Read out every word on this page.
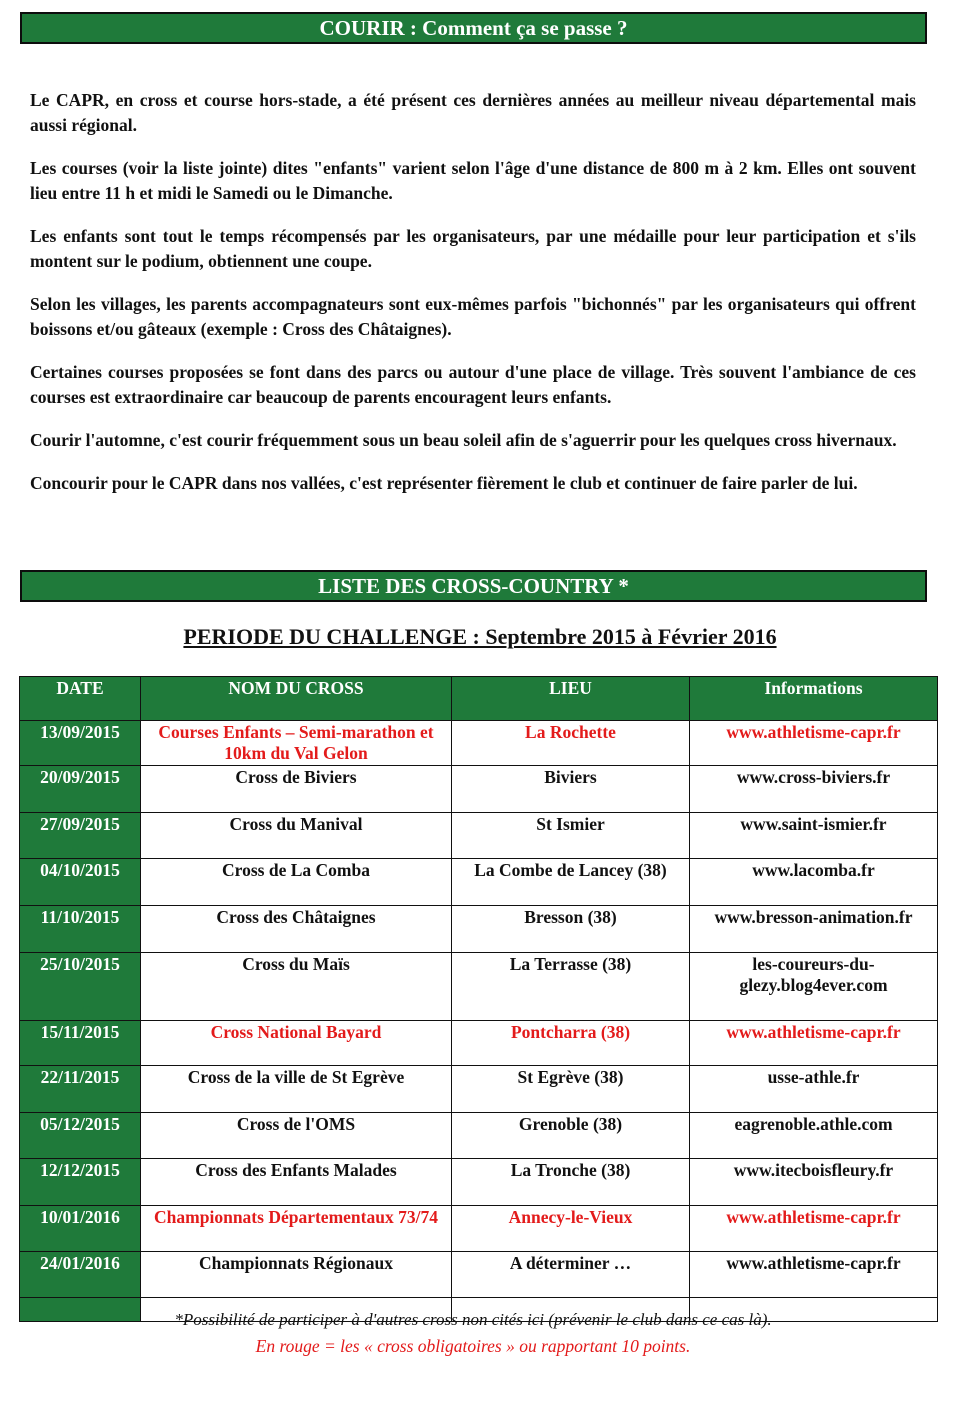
COURIR : Comment ça se passe ?

Le CAPR, en cross et course hors-stade, a été présent ces dernières années au meilleur niveau départemental mais aussi régional.

Les courses (voir la liste jointe) dites "enfants" varient selon l'âge d'une distance de 800 m à 2 km. Elles ont souvent lieu entre 11 h et midi le Samedi ou le Dimanche.

Les enfants sont tout le temps récompensés par les organisateurs, par une médaille pour leur participation et s'ils montent sur le podium, obtiennent une coupe.

Selon les villages, les parents accompagnateurs sont eux-mêmes parfois "bichonnés" par les organisateurs qui offrent boissons et/ou gâteaux (exemple : Cross des Châtaignes).

Certaines courses proposées se font dans des parcs ou autour d'une place de village. Très souvent l'ambiance de ces courses est extraordinaire car beaucoup de parents encouragent leurs enfants.

Courir l'automne, c'est courir fréquemment sous un beau soleil afin de s'aguerrir pour les quelques cross hivernaux.

Concourir pour le CAPR dans nos vallées, c'est représenter fièrement le club et continuer de faire parler de lui.

LISTE DES CROSS-COUNTRY *
PERIODE DU CHALLENGE : Septembre 2015 à Février 2016
DATE	NOM DU CROSS	LIEU	Informations
13/09/2015	Courses Enfants – Semi-marathon et 10km du Val Gelon	La Rochette	www.athletisme-capr.fr
20/09/2015	Cross de Biviers	Biviers	www.cross-biviers.fr
27/09/2015	Cross du Manival	St Ismier	www.saint-ismier.fr
04/10/2015	Cross de La Comba	La Combe de Lancey (38)	www.lacomba.fr
11/10/2015	Cross des Châtaignes	Bresson (38)	www.bresson-animation.fr
25/10/2015	Cross du Maïs	La Terrasse (38)	les-coureurs-du-glezy.blog4ever.com
15/11/2015	Cross National Bayard	Pontcharra (38)	www.athletisme-capr.fr
22/11/2015	Cross de la ville de St Egrève	St Egrève (38)	usse-athle.fr
05/12/2015	Cross de l'OMS	Grenoble (38)	eagrenoble.athle.com
12/12/2015	Cross des Enfants Malades	La Tronche (38)	www.itecboisfleury.fr
10/01/2016	Championnats Départementaux 73/74	Annecy-le-Vieux	www.athletisme-capr.fr
24/01/2016	Championnats Régionaux	A déterminer …	www.athletisme-capr.fr

*Possibilité de participer à d'autres cross non cités ici (prévenir le club dans ce cas là).
En rouge = les « cross obligatoires » ou rapportant 10 points.
